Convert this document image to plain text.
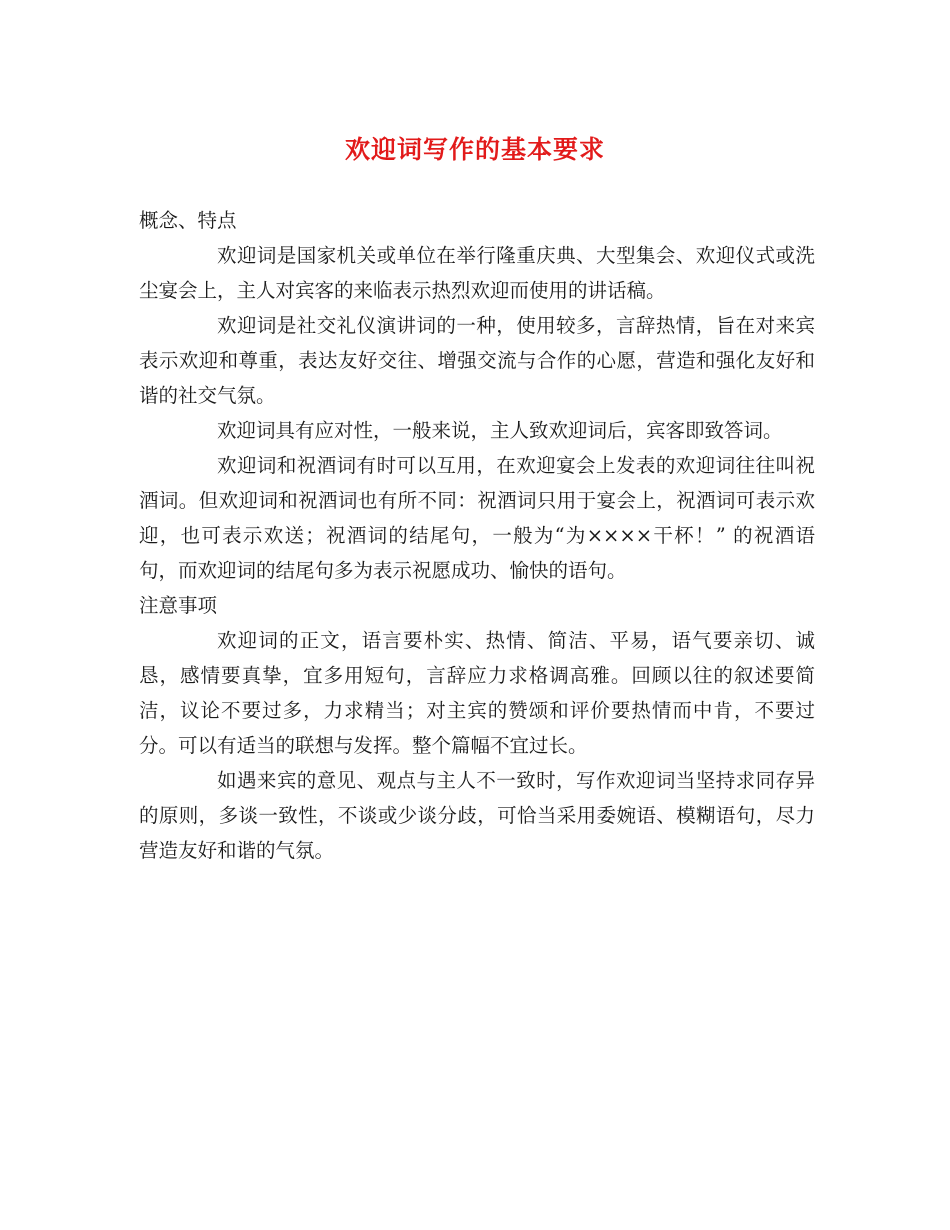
欢迎词写作的基本要求

概念、特点

欢迎词是国家机关或单位在举行隆重庆典、大型集会、欢迎仪式或洗尘宴会上，主人对宾客的来临表示热烈欢迎而使用的讲话稿。

欢迎词是社交礼仪演讲词的一种，使用较多，言辞热情，旨在对来宾表示欢迎和尊重，表达友好交往、增强交流与合作的心愿，营造和强化友好和谐的社交气氛。

欢迎词具有应对性，一般来说，主人致欢迎词后，宾客即致答词。

欢迎词和祝酒词有时可以互用，在欢迎宴会上发表的欢迎词往往叫祝酒词。但欢迎词和祝酒词也有所不同：祝酒词只用于宴会上，祝酒词可表示欢迎，也可表示欢送；祝酒词的结尾句，一般为“为××××干杯！” 的祝酒语句，而欢迎词的结尾句多为表示祝愿成功、愉快的语句。

注意事项

欢迎词的正文，语言要朴实、热情、简洁、平易，语气要亲切、诚恳，感情要真挚，宜多用短句，言辞应力求格调高雅。回顾以往的叙述要简洁，议论不要过多，力求精当；对主宾的赞颂和评价要热情而中肯，不要过分。可以有适当的联想与发挥。整个篇幅不宜过长。

如遇来宾的意见、观点与主人不一致时，写作欢迎词当坚持求同存异的原则，多谈一致性，不谈或少谈分歧，可恰当采用委婉语、模糊语句，尽力营造友好和谐的气氛。
